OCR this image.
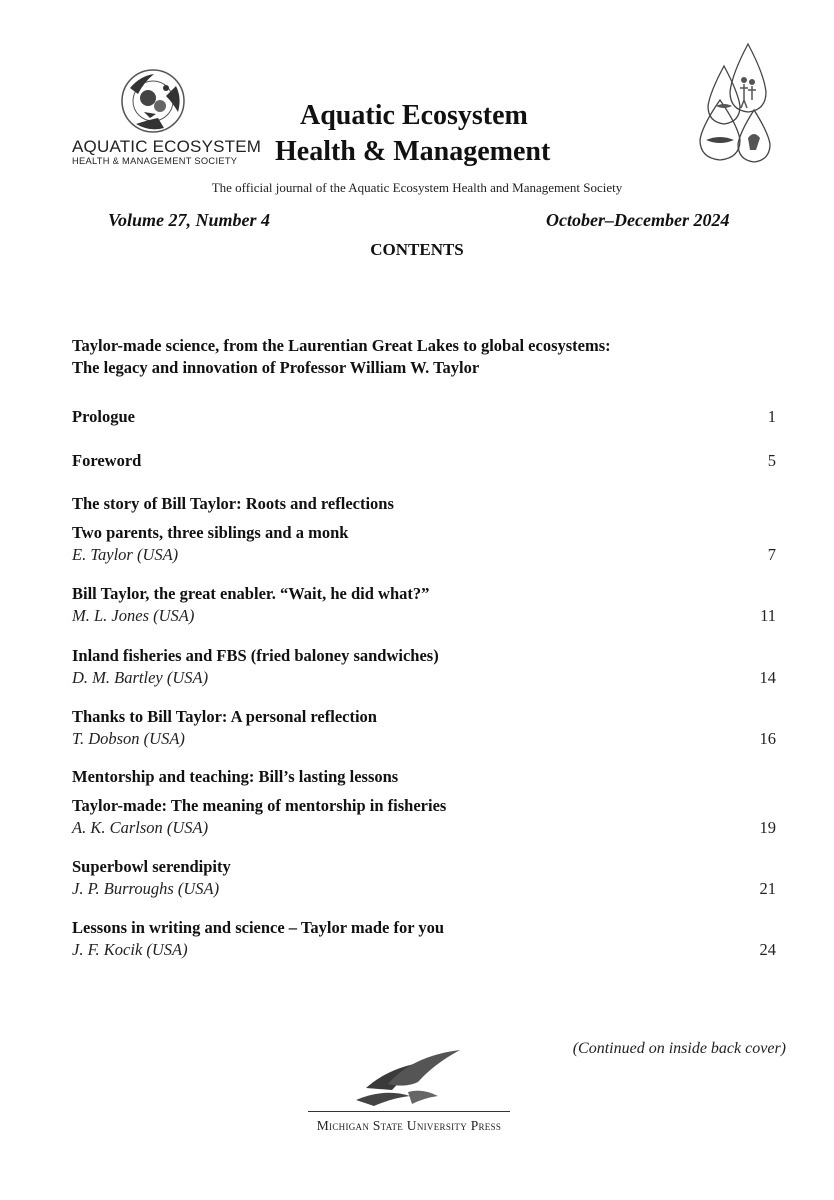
AQUATIC ECOSYSTEM
HEALTH & MANAGEMENT SOCIETY
Aquatic Ecosystem
Health & Management
The official journal of the Aquatic Ecosystem Health and Management Society
Volume 27, Number 4	October–December 2024
CONTENTS
Taylor-made science, from the Laurentian Great Lakes to global ecosystems:
The legacy and innovation of Professor William W. Taylor
Prologue	1
Foreword	5
The story of Bill Taylor: Roots and reflections
Two parents, three siblings and a monk
E. Taylor (USA)	7
Bill Taylor, the great enabler. “Wait, he did what?”
M. L. Jones (USA)	11
Inland fisheries and FBS (fried baloney sandwiches)
D. M. Bartley (USA)	14
Thanks to Bill Taylor: A personal reflection
T. Dobson (USA)	16
Mentorship and teaching: Bill’s lasting lessons
Taylor-made: The meaning of mentorship in fisheries
A. K. Carlson (USA)	19
Superbowl serendipity
J. P. Burroughs (USA)	21
Lessons in writing and science – Taylor made for you
J. F. Kocik (USA)	24
(Continued on inside back cover)
Michigan State University Press
